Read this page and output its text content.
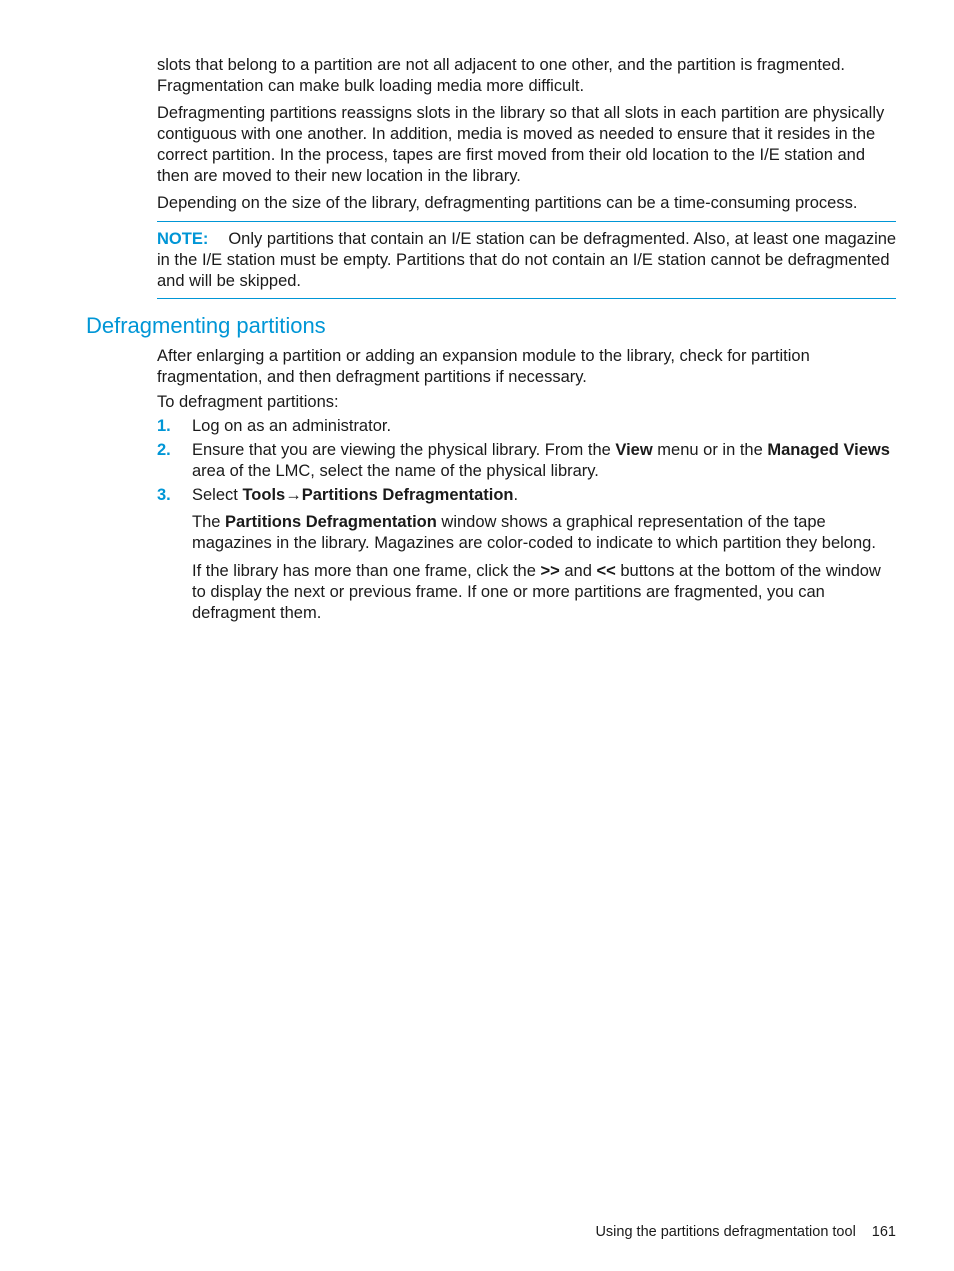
slots that belong to a partition are not all adjacent to one other, and the partition is fragmented. Fragmentation can make bulk loading media more difficult.

Defragmenting partitions reassigns slots in the library so that all slots in each partition are physically contiguous with one another. In addition, media is moved as needed to ensure that it resides in the correct partition. In the process, tapes are first moved from their old location to the I/E station and then are moved to their new location in the library.

Depending on the size of the library, defragmenting partitions can be a time-consuming process.

NOTE: Only partitions that contain an I/E station can be defragmented. Also, at least one magazine in the I/E station must be empty. Partitions that do not contain an I/E station cannot be defragmented and will be skipped.

Defragmenting partitions

After enlarging a partition or adding an expansion module to the library, check for partition fragmentation, and then defragment partitions if necessary.

To defragment partitions:

1. Log on as an administrator.
2. Ensure that you are viewing the physical library. From the View menu or in the Managed Views area of the LMC, select the name of the physical library.
3. Select Tools→Partitions Defragmentation.

The Partitions Defragmentation window shows a graphical representation of the tape magazines in the library. Magazines are color-coded to indicate to which partition they belong.

If the library has more than one frame, click the >> and << buttons at the bottom of the window to display the next or previous frame. If one or more partitions are fragmented, you can defragment them.

Using the partitions defragmentation tool 161
